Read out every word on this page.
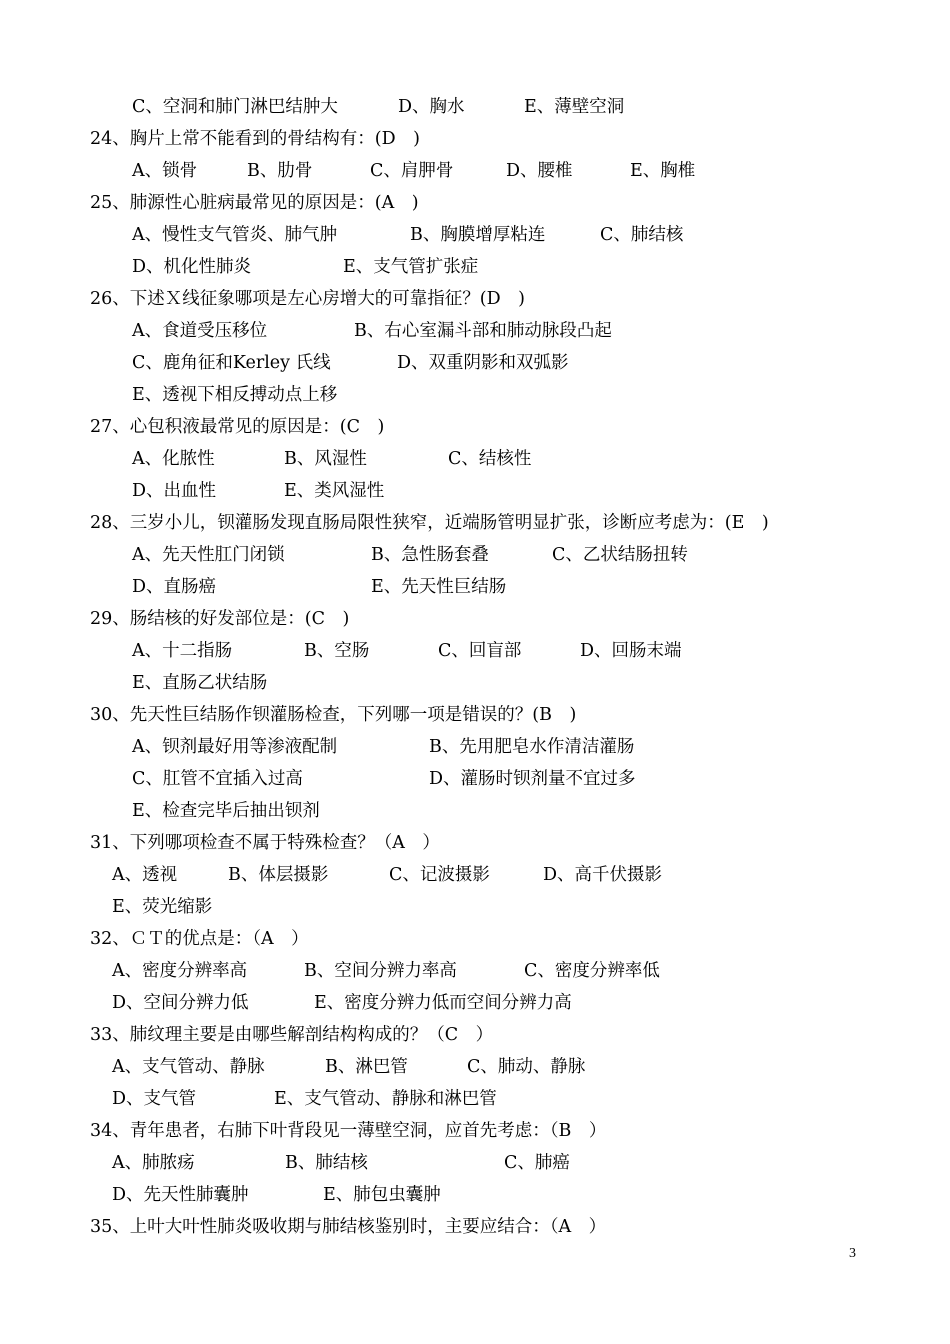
C、空洞和肺门淋巴结肿大	D、胸水	E、薄壁空洞
24、胸片上常不能看到的骨结构有：(D　)
A、锁骨	B、肋骨	C、肩胛骨	D、腰椎	E、胸椎
25、肺源性心脏病最常见的原因是：(A　)
A、慢性支气管炎、肺气肿	B、胸膜增厚粘连	C、肺结核
D、机化性肺炎	E、支气管扩张症
26、下述Ｘ线征象哪项是左心房增大的可靠指征？(D　)
A、食道受压移位	B、右心室漏斗部和肺动脉段凸起
C、鹿角征和Kerley 氏线	D、双重阴影和双弧影
E、透视下相反搏动点上移
27、心包积液最常见的原因是：(C　)
A、化脓性	B、风湿性	C、结核性
D、出血性	E、类风湿性
28、三岁小儿，钡灌肠发现直肠局限性狭窄，近端肠管明显扩张，诊断应考虑为：(E　)
A、先天性肛门闭锁	B、急性肠套叠	C、乙状结肠扭转
D、直肠癌	E、先天性巨结肠
29、肠结核的好发部位是：(C　)
A、十二指肠	B、空肠	C、回盲部	D、回肠末端
E、直肠乙状结肠
30、先天性巨结肠作钡灌肠检查，下列哪一项是错误的？(B　)
A、钡剂最好用等渗液配制	B、先用肥皂水作清洁灌肠
C、肛管不宜插入过高	D、灌肠时钡剂量不宜过多
E、检查完毕后抽出钡剂
31、下列哪项检查不属于特殊检查？（A　）
A、透视	B、体层摄影	C、记波摄影	D、高千伏摄影
E、荧光缩影
32、ＣＴ的优点是：（A　）
A、密度分辨率高	B、空间分辨力率高	C、密度分辨率低
D、空间分辨力低	E、密度分辨力低而空间分辨力高
33、肺纹理主要是由哪些解剖结构构成的？（C　）
A、支气管动、静脉	B、淋巴管	C、肺动、静脉
D、支气管	E、支气管动、静脉和淋巴管
34、青年患者，右肺下叶背段见一薄壁空洞，应首先考虑：（B　）
A、肺脓疡	B、肺结核	C、肺癌
D、先天性肺囊肿	E、肺包虫囊肿
35、上叶大叶性肺炎吸收期与肺结核鉴别时，主要应结合：（A　）
3
